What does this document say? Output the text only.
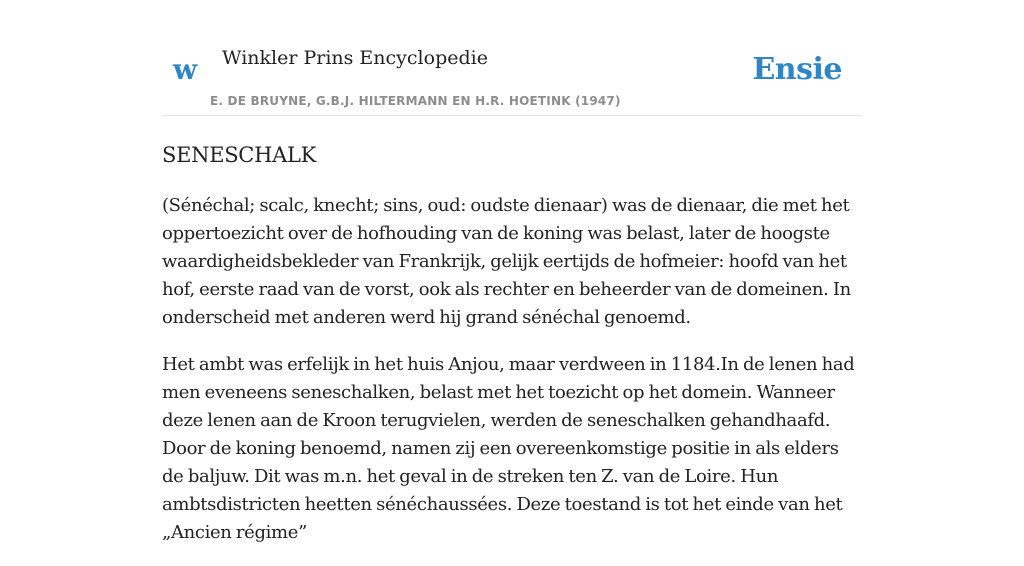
w Winkler Prins Encyclopedie
E. DE BRUYNE, G.B.J. HILTERMANN EN H.R. HOETINK (1947)
Ensie
SENESCHALK

(Sénéchal; scalc, knecht; sins, oud: oudste dienaar) was de dienaar, die met het oppertoezicht over de hofhouding van de koning was belast, later de hoogste waardigheidsbekleder van Frankrijk, gelijk eertijds de hofmeier: hoofd van het hof, eerste raad van de vorst, ook als rechter en beheerder van de domeinen. In onderscheid met anderen werd hij grand sénéchal genoemd.

Het ambt was erfelijk in het huis Anjou, maar verdween in 1184.In de lenen had men eveneens seneschalken, belast met het toezicht op het domein. Wanneer deze lenen aan de Kroon terugvielen, werden de seneschalken gehandhaafd. Door de koning benoemd, namen zij een overeenkomstige positie in als elders de baljuw. Dit was m.n. het geval in de streken ten Z. van de Loire. Hun ambtsdistricten heetten sénéchaussées. Deze toestand is tot het einde van het „Ancien régime”
